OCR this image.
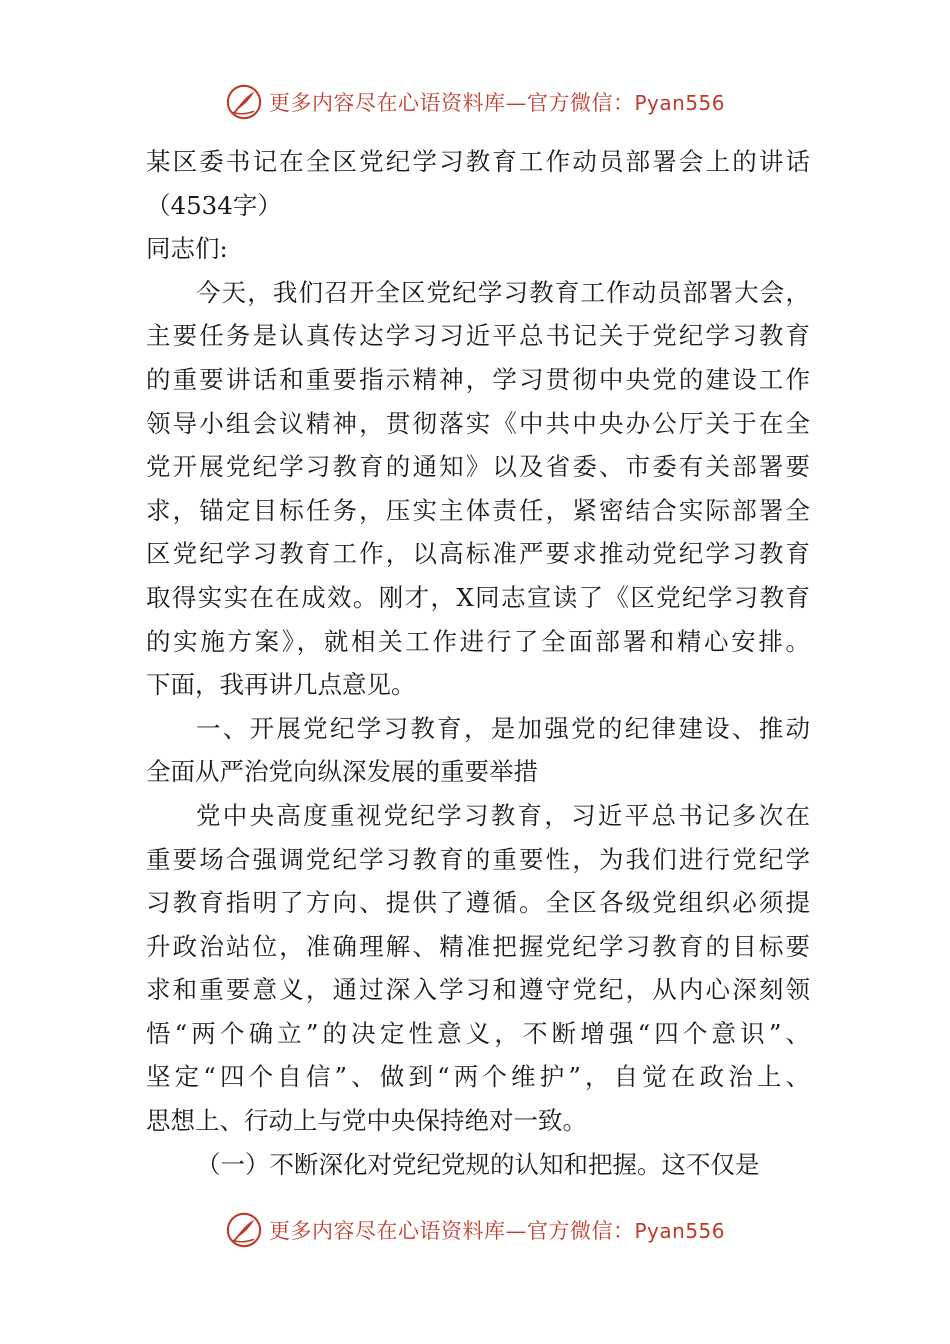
更多内容尽在心语资料库—官方微信：Pyan556
某区委书记在全区党纪学习教育工作动员部署会上的讲话
（4534字）
同志们:
今天，我们召开全区党纪学习教育工作动员部署大会，
主要任务是认真传达学习习近平总书记关于党纪学习教育
的重要讲话和重要指示精神，学习贯彻中央党的建设工作
领导小组会议精神，贯彻落实《中共中央办公厅关于在全
党开展党纪学习教育的通知》以及省委、市委有关部署要
求，锚定目标任务，压实主体责任，紧密结合实际部署全
区党纪学习教育工作，以高标准严要求推动党纪学习教育
取得实实在在成效。刚才，X同志宣读了《区党纪学习教育
的实施方案》，就相关工作进行了全面部署和精心安排。
下面，我再讲几点意见。
一、开展党纪学习教育，是加强党的纪律建设、推动
全面从严治党向纵深发展的重要举措
党中央高度重视党纪学习教育，习近平总书记多次在
重要场合强调党纪学习教育的重要性，为我们进行党纪学
习教育指明了方向、提供了遵循。全区各级党组织必须提
升政治站位，准确理解、精准把握党纪学习教育的目标要
求和重要意义，通过深入学习和遵守党纪，从内心深刻领
悟“两个确立”的决定性意义，不断增强“四个意识”、
坚定“四个自信”、做到“两个维护”，自觉在政治上、
思想上、行动上与党中央保持绝对一致。
（一）不断深化对党纪党规的认知和把握。这不仅是
更多内容尽在心语资料库—官方微信：Pyan556
